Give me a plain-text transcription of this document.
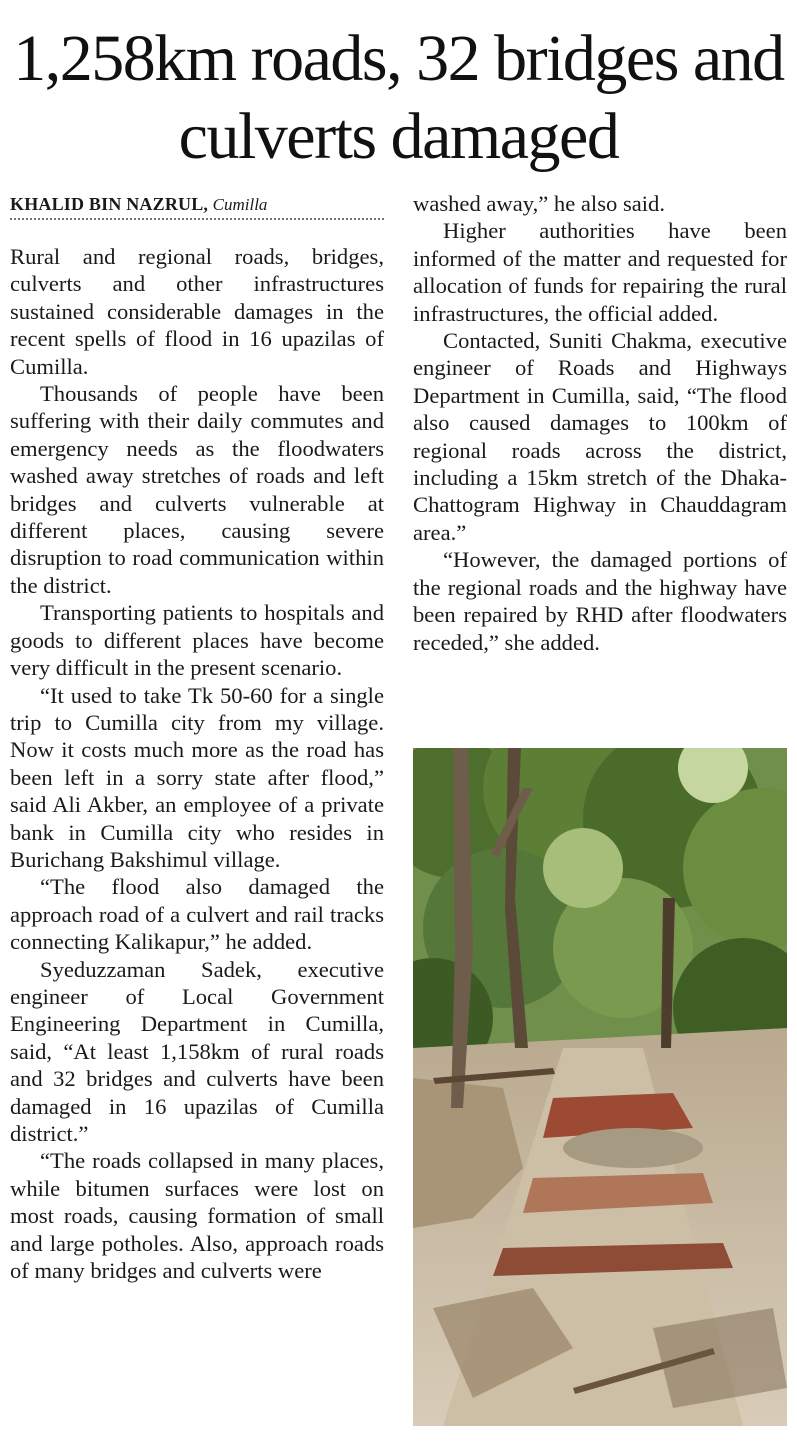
1,258km roads, 32 bridges and culverts damaged
KHALID BIN NAZRUL, Cumilla

Rural and regional roads, bridges, culverts and other infrastructures sustained considerable damages in the recent spells of flood in 16 upazilas of Cumilla.

Thousands of people have been suffering with their daily commutes and emergency needs as the floodwaters washed away stretches of roads and left bridges and culverts vulnerable at different places, causing severe disruption to road communication within the district.

Transporting patients to hospitals and goods to different places have become very difficult in the present scenario.

“It used to take Tk 50-60 for a single trip to Cumilla city from my village. Now it costs much more as the road has been left in a sorry state after flood,” said Ali Akber, an employee of a private bank in Cumilla city who resides in Burichang Bakshimul village.

“The flood also damaged the approach road of a culvert and rail tracks connecting Kalikapur,” he added.

Syeduzzaman Sadek, executive engineer of Local Government Engineering Department in Cumilla, said, “At least 1,158km of rural roads and 32 bridges and culverts have been damaged in 16 upazilas of Cumilla district.”

“The roads collapsed in many places, while bitumen surfaces were lost on most roads, causing formation of small and large potholes. Also, approach roads of many bridges and culverts were

washed away,” he also said.

Higher authorities have been informed of the matter and requested for allocation of funds for repairing the rural infrastructures, the official added.

Contacted, Suniti Chakma, executive engineer of Roads and Highways Department in Cumilla, said, “The flood also caused damages to 100km of regional roads across the district, including a 15km stretch of the Dhaka-Chattogram Highway in Chauddagram area.”

“However, the damaged portions of the regional roads and the highway have been repaired by RHD after floodwaters receded,” she added.
